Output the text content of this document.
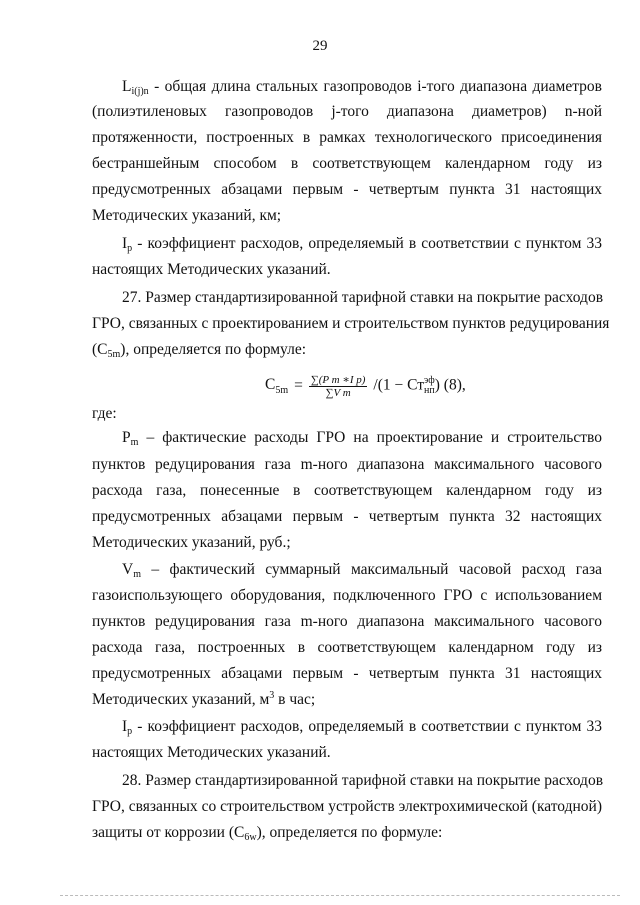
29
$L_{i(j)n}$ - общая длина стальных газопроводов i-того диапазона диаметров
(полиэтиленовых газопроводов j-того диапазона диаметров) n-ной
протяженности, построенных в рамках технологического присоединения
бестраншейным способом в соответствующем календарном году из
предусмотренных абзацами первым - четвертым пункта 31 настоящих
Методических указаний, км;
$I_р$ - коэффициент расходов, определяемый в соответствии с пунктом 33
настоящих Методических указаний.
27. Размер стандартизированной тарифной ставки на покрытие расходов
ГРО, связанных с проектированием и строительством пунктов редуцирования
$(С_{5m})$, определяется по формуле:
$С_{5m} = \frac{\text{∑(P m ∗I p)}}{\text{∑V m}} /(1$ − Ст эф
нп ) (8),
где:
$P_m$ – фактические расходы ГРО на проектирование и строительство
пунктов редуцирования газа m-ного диапазона максимального часового
расхода газа, понесенные в соответствующем календарном году из
предусмотренных абзацами первым - четвертым пункта 32 настоящих
Методических указаний, руб.;
$V_m$ – фактический суммарный максимальный часовой расход газа
газоиспользующего оборудования, подключенного ГРО с использованием
пунктов редуцирования газа m-ного диапазона максимального часового
расхода газа, построенных в соответствующем календарном году из
предусмотренных абзацами первым - четвертым пункта 31 настоящих
Методических указаний, $м^3$ в час;
$I_р$ - коэффициент расходов, определяемый в соответствии с пунктом 33
настоящих Методических указаний.
28. Размер стандартизированной тарифной ставки на покрытие расходов
ГРО, связанных со строительством устройств электрохимической (катодной)
защиты от коррозии $(С_{6w})$, определяется по формуле:
